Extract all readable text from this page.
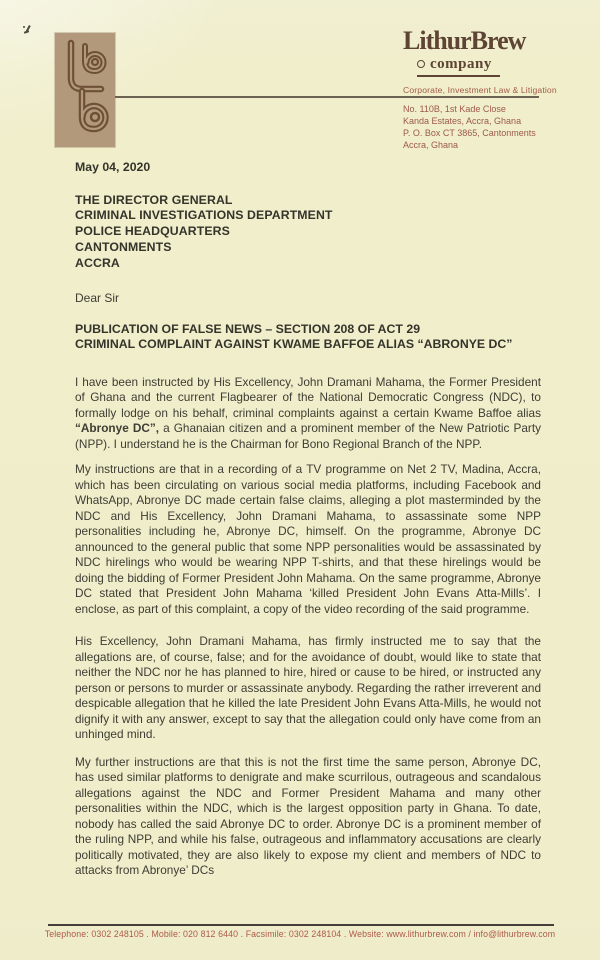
LithurBrew
company
Corporate, Investment Law & Litigation
No. 110B, 1st Kade Close
Kanda Estates, Accra, Ghana
P. O. Box CT 3865, Cantonments
Accra, Ghana
May 04, 2020
THE DIRECTOR GENERAL
CRIMINAL INVESTIGATIONS DEPARTMENT
POLICE HEADQUARTERS
CANTONMENTS
ACCRA
Dear Sir
PUBLICATION OF FALSE NEWS – SECTION 208 OF ACT 29
CRIMINAL COMPLAINT AGAINST KWAME BAFFOE ALIAS “ABRONYE DC”

I have been instructed by His Excellency, John Dramani Mahama, the Former President of Ghana and the current Flagbearer of the National Democratic Congress (NDC), to formally lodge on his behalf, criminal complaints against a certain Kwame Baffoe alias “Abronye DC”, a Ghanaian citizen and a prominent member of the New Patriotic Party (NPP). I understand he is the Chairman for Bono Regional Branch of the NPP.

My instructions are that in a recording of a TV programme on Net 2 TV, Madina, Accra, which has been circulating on various social media platforms, including Facebook and WhatsApp, Abronye DC made certain false claims, alleging a plot masterminded by the NDC and His Excellency, John Dramani Mahama, to assassinate some NPP personalities including he, Abronye DC, himself. On the programme, Abronye DC announced to the general public that some NPP personalities would be assassinated by NDC hirelings who would be wearing NPP T-shirts, and that these hirelings would be doing the bidding of Former President John Mahama. On the same programme, Abronye DC stated that President John Mahama ‘killed President John Evans Atta-Mills’. I enclose, as part of this complaint, a copy of the video recording of the said programme.

His Excellency, John Dramani Mahama, has firmly instructed me to say that the allegations are, of course, false; and for the avoidance of doubt, would like to state that neither the NDC nor he has planned to hire, hired or cause to be hired, or instructed any person or persons to murder or assassinate anybody. Regarding the rather irreverent and despicable allegation that he killed the late President John Evans Atta-Mills, he would not dignify it with any answer, except to say that the allegation could only have come from an unhinged mind.

My further instructions are that this is not the first time the same person, Abronye DC, has used similar platforms to denigrate and make scurrilous, outrageous and scandalous allegations against the NDC and Former President Mahama and many other personalities within the NDC, which is the largest opposition party in Ghana. To date, nobody has called the said Abronye DC to order. Abronye DC is a prominent member of the ruling NPP, and while his false, outrageous and inflammatory accusations are clearly politically motivated, they are also likely to expose my client and members of NDC to attacks from Abronye’ DCs

Telephone: 0302 248105 . Mobile: 020 812 6440 . Facsimile: 0302 248104 . Website: www.lithurbrew.com / info@lithurbrew.com
